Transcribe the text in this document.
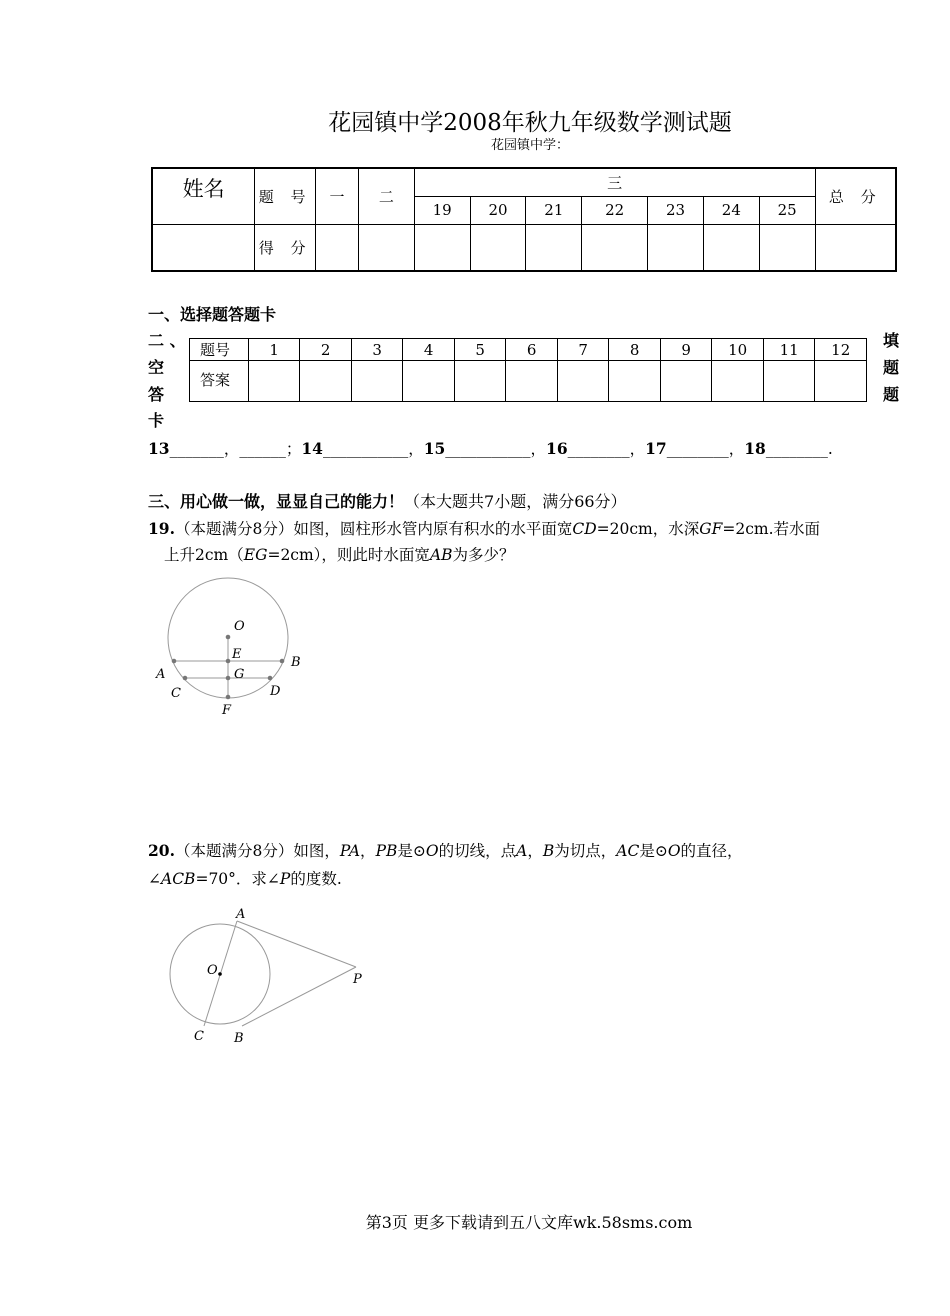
花园镇中学2008年秋九年级数学测试题
花园镇中学：
姓名	题 号	一	二	三							总 分
				19	20	21	22	23	24	25	
	得 分										
一、选择题答题卡
二 、
空
答
卡
填
题
题
题号	1	2	3	4	5	6	7	8	9	10	11	12
答案												
13_______，______；14___________，15___________，16________，17________，18________.
三、用心做一做，显显自己的能力！（本大题共7小题，满分66分）
19.（本题满分8分）如图，圆柱形水管内原有积水的水平面宽CD=20cm，水深GF=2cm.若水面
上升2cm（EG=2cm），则此时水面宽AB为多少？
O
E
B
A	G
C	D
F
20.（本题满分8分）如图，PA，PB是⊙O的切线，点A，B为切点，AC是⊙O的直径，
∠ACB=70°．求∠P的度数.
A
O
P
C B
第3页 更多下载请到五八文库wk.58sms.com
